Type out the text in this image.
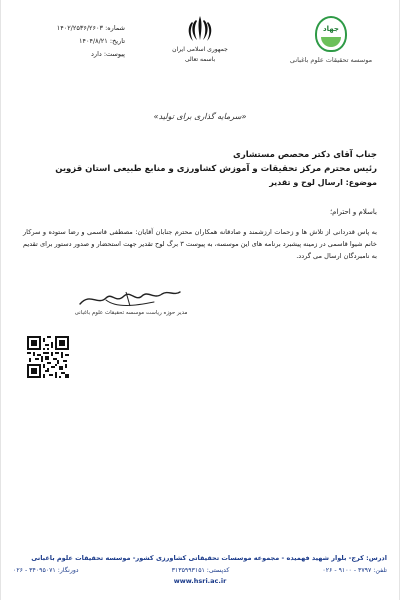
جهاد
موسسه تحقیقات علوم باغبانی
جمهوری اسلامی ایران
باسمه تعالی
شماره: ۱۴۰۲/۲۵۳۶/۲۶۰۳
تاریخ: ۱۴۰۴/۸/۲۱
پیوست: دارد
«سرمایه گذاری برای تولید»
جناب آقای دکتر محصص مستشاری
رئیس محترم مرکز تحقیقات و آموزش کشاورزی و منابع طبیعی استان قزوین
موضوع: ارسال لوح و تقدیر
باسلام و احترام؛
به پاس قدردانی از تلاش ها و زحمات ارزشمند و صادقانه همکاران محترم جنابان آقایان: مصطفی قاسمی و رضا ستوده و سرکار خانم شیوا قاسمی در زمینه پیشبرد برنامه های این موسسه، به پیوست ۳ برگ لوح تقدیر جهت استحضار و صدور دستور برای تقدیم به نامبردگان ارسال می گردد.
مدیر حوزه ریاست موسسه تحقیقات علوم باغبانی
ادرس: کرج- بلوار شهید فهمیده - مجموعه موسسات تحقیقاتی کشاورزی کشور- موسسه تحقیقات علوم باغبانی
تلفن: ۳۷۹۷ - ۹۱۰۰ - ۰۲۶
کدپستی: ۳۱۳۵۹۹۳۱۵۱
دورنگار: ۳۴۰۹۵۰۷۱ - ۰۲۶
www.hsri.ac.ir
